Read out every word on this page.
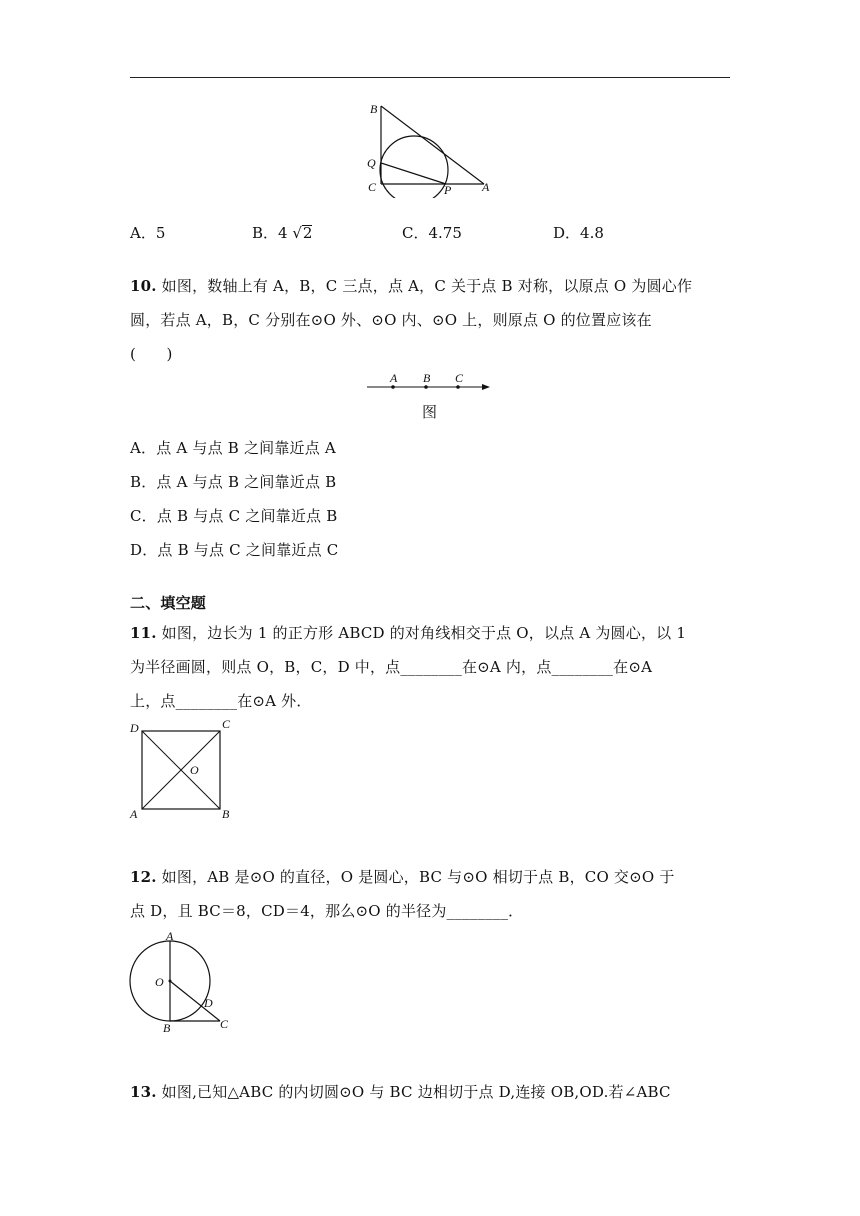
B
Q
C	P	A
A．5	B．4 √2	C．4.75	D．4.8
10. 如图，数轴上有 A，B，C 三点，点 A，C 关于点 B 对称，以原点 O 为圆心作
圆，若点 A，B，C 分别在⊙O 外、⊙O 内、⊙O 上，则原点 O 的位置应该在
(　　)
A B C
图
A．点 A 与点 B 之间靠近点 A
B．点 A 与点 B 之间靠近点 B
C．点 B 与点 C 之间靠近点 B
D．点 B 与点 C 之间靠近点 C
二、填空题
11. 如图，边长为 1 的正方形 ABCD 的对角线相交于点 O，以点 A 为圆心，以 1
为半径画圆，则点 O，B，C，D 中，点________在⊙A 内，点________在⊙A
上，点________在⊙A 外．
D	C
O
A	B
12. 如图，AB 是⊙O 的直径，O 是圆心，BC 与⊙O 相切于点 B，CO 交⊙O 于
点 D，且 BC＝8，CD＝4，那么⊙O 的半径为________．
A
O
D
B	C
13. 如图,已知△ABC 的内切圆⊙O 与 BC 边相切于点 D,连接 OB,OD.若∠ABC
